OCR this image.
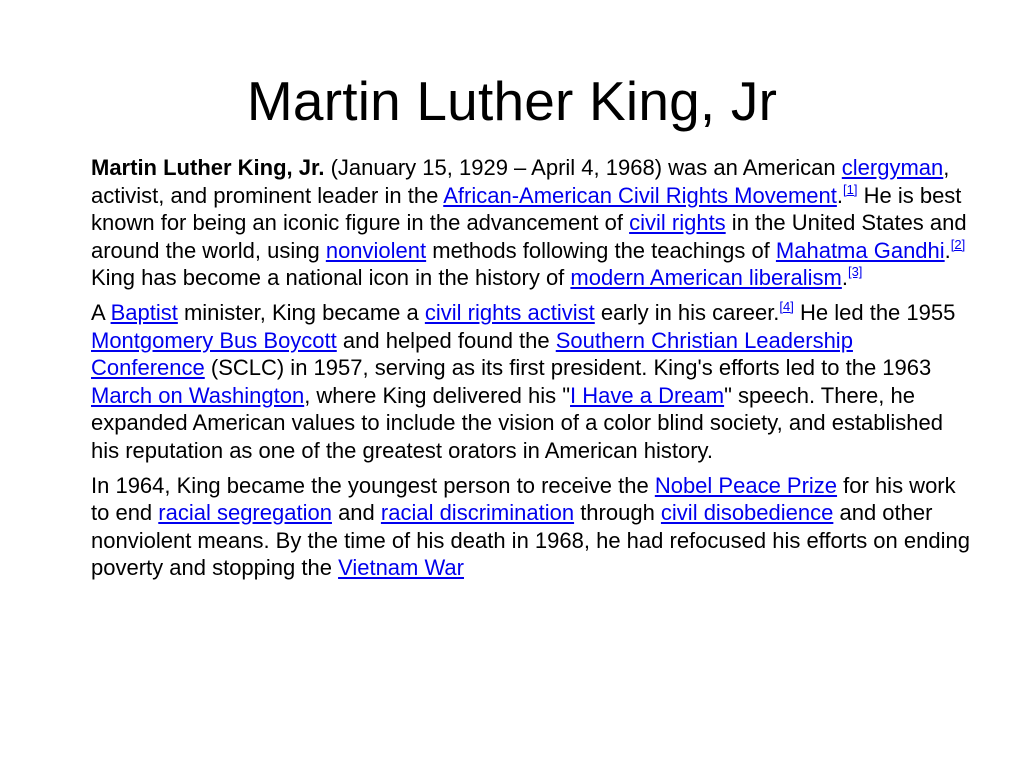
Martin Luther King, Jr

Martin Luther King, Jr. (January 15, 1929 – April 4, 1968) was an American clergyman, activist, and prominent leader in the African-American Civil Rights Movement.[1] He is best known for being an iconic figure in the advancement of civil rights in the United States and around the world, using nonviolent methods following the teachings of Mahatma Gandhi.[2] King has become a national icon in the history of modern American liberalism.[3]

A Baptist minister, King became a civil rights activist early in his career.[4] He led the 1955 Montgomery Bus Boycott and helped found the Southern Christian Leadership Conference (SCLC) in 1957, serving as its first president. King's efforts led to the 1963 March on Washington, where King delivered his "I Have a Dream" speech. There, he expanded American values to include the vision of a color blind society, and established his reputation as one of the greatest orators in American history.

In 1964, King became the youngest person to receive the Nobel Peace Prize for his work to end racial segregation and racial discrimination through civil disobedience and other nonviolent means. By the time of his death in 1968, he had refocused his efforts on ending poverty and stopping the Vietnam War
